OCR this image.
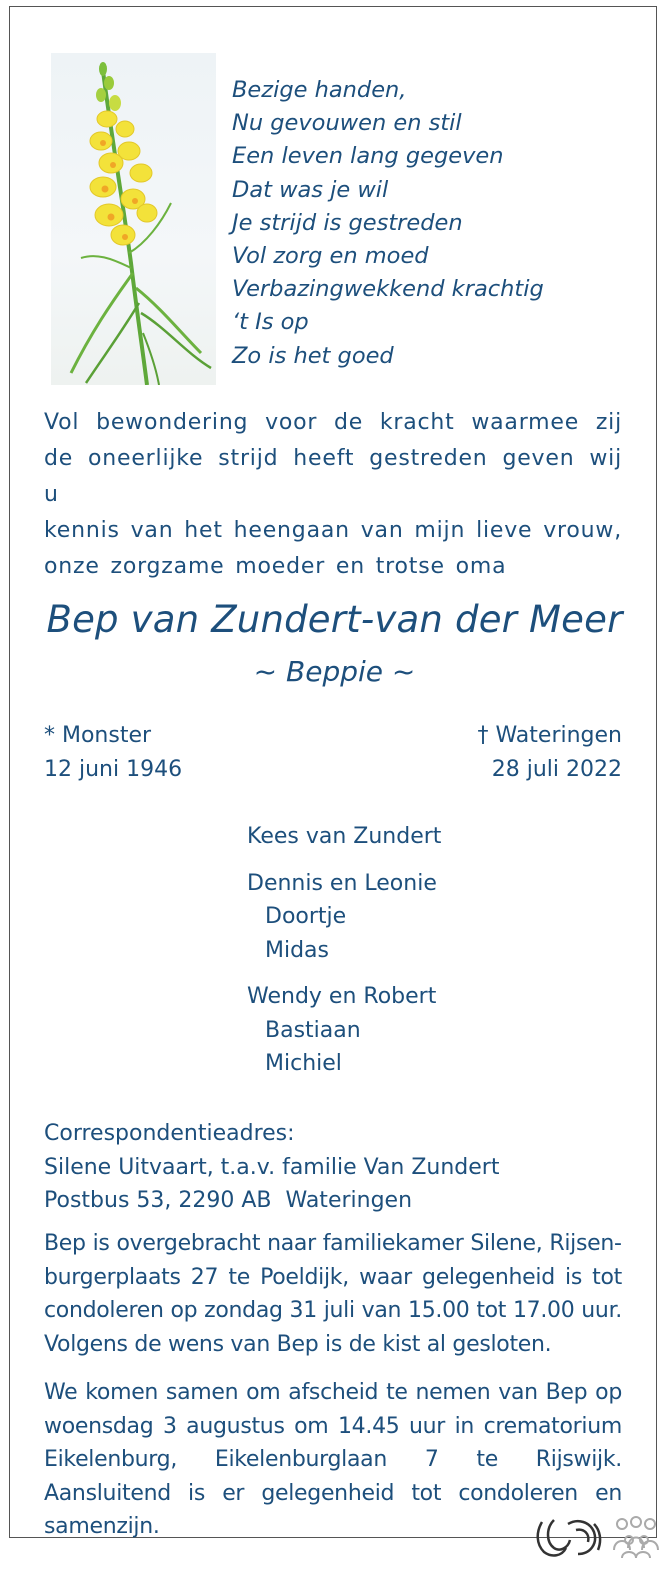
Bezige handen,
Nu gevouwen en stil
Een leven lang gegeven
Dat was je wil
Je strijd is gestreden
Vol zorg en moed
Verbazingwekkend krachtig
‘t Is op
Zo is het goed
Vol bewondering voor de kracht waarmee zij
de oneerlijke strijd heeft gestreden geven wij u
kennis van het heengaan van mijn lieve vrouw,
onze zorgzame moeder en trotse oma
Bep van Zundert-van der Meer
~ Beppie ~
* Monster
12 juni 1946
† Wateringen
28 juli 2022
Kees van Zundert
Dennis en Leonie
Doortje
Midas
Wendy en Robert
Bastiaan
Michiel
Correspondentieadres:
Silene Uitvaart, t.a.v. familie Van Zundert
Postbus 53, 2290 AB  Wateringen
Bep is overgebracht naar familiekamer Silene, Rijsenburgerplaats 27 te Poeldijk, waar gelegenheid is tot condoleren op zondag 31 juli van 15.00 tot 17.00 uur. Volgens de wens van Bep is de kist al gesloten.
We komen samen om afscheid te nemen van Bep op woensdag 3 augustus om 14.45 uur in crematorium Eikelenburg, Eikelenburglaan 7 te Rijswijk. Aansluitend is er gelegenheid tot condoleren en samenzijn.
